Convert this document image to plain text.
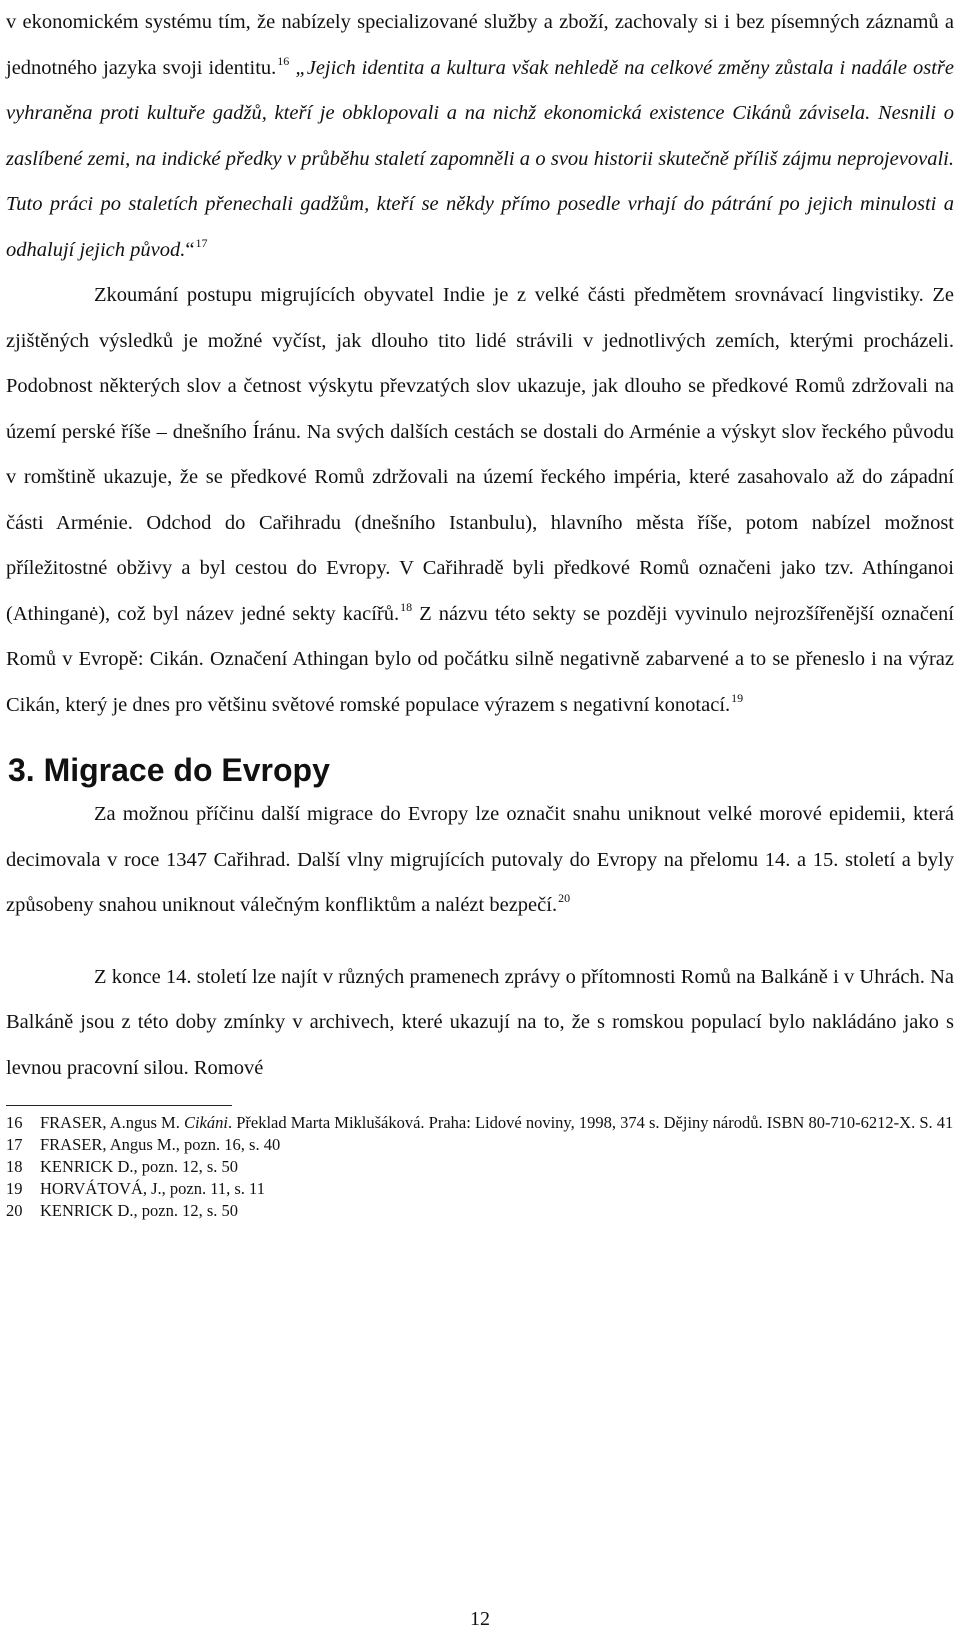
v ekonomickém systému tím, že nabízely specializované služby a zboží, zachovaly si i bez písemných záznamů a jednotného jazyka svoji identitu.$^{16}$ „Jejich identita a kultura však nehledě na celkové změny zůstala i nadále ostře vyhraněna proti kultuře gadžů, kteří je obklopovali a na nichž ekonomická existence Cikánů závisela. Nesnili o zaslíbené zemi, na indické předky v průběhu staletí zapomněli a o svou historii skutečně příliš zájmu neprojevovali. Tuto práci po staletích přenechali gadžům, kteří se někdy přímo posedle vrhají do pátrání po jejich minulosti a odhalují jejich původ.“$^{17}$

Zkoumání postupu migrujících obyvatel Indie je z velké části předmětem srovnávací lingvistiky. Ze zjištěných výsledků je možné vyčíst, jak dlouho tito lidé strávili v jednotlivých zemích, kterými procházeli. Podobnost některých slov a četnost výskytu převzatých slov ukazuje, jak dlouho se předkové Romů zdržovali na území perské říše – dnešního Íránu. Na svých dalších cestách se dostali do Arménie a výskyt slov řeckého původu v romštině ukazuje, že se předkové Romů zdržovali na území řeckého impéria, které zasahovalo až do západní části Arménie. Odchod do Cařihradu (dnešního Istanbulu), hlavního města říše, potom nabízel možnost příležitostné obživy a byl cestou do Evropy. V Cařihradě byli předkové Romů označeni jako tzv. Athínganoi (Athinganė), což byl název jedné sekty kacířů.$^{18}$ Z názvu této sekty se později vyvinulo nejrozšířenější označení Romů v Evropě: Cikán. Označení Athingan bylo od počátku silně negativně zabarvené a to se přeneslo i na výraz Cikán, který je dnes pro většinu světové romské populace výrazem s negativní konotací.$^{19}$

3. Migrace do Evropy

Za možnou příčinu další migrace do Evropy lze označit snahu uniknout velké morové epidemii, která decimovala v roce 1347 Cařihrad. Další vlny migrujících putovaly do Evropy na přelomu 14. a 15. století a byly způsobeny snahou uniknout válečným konfliktům a nalézt bezpečí.$^{20}$

Z konce 14. století lze najít v různých pramenech zprávy o přítomnosti Romů na Balkáně i v Uhrách. Na Balkáně jsou z této doby zmínky v archivech, které ukazují na to, že s romskou populací bylo nakládáno jako s levnou pracovní silou. Romové

16	FRASER, A.ngus M. Cikáni. Překlad Marta Miklušáková. Praha: Lidové noviny, 1998, 374 s. Dějiny národů. ISBN 80-710-6212-X. S. 41
17	FRASER, Angus M., pozn. 16, s. 40
18	KENRICK D., pozn. 12, s. 50
19	HORVÁTOVÁ, J., pozn. 11, s. 11
20	KENRICK D., pozn. 12, s. 50
12
